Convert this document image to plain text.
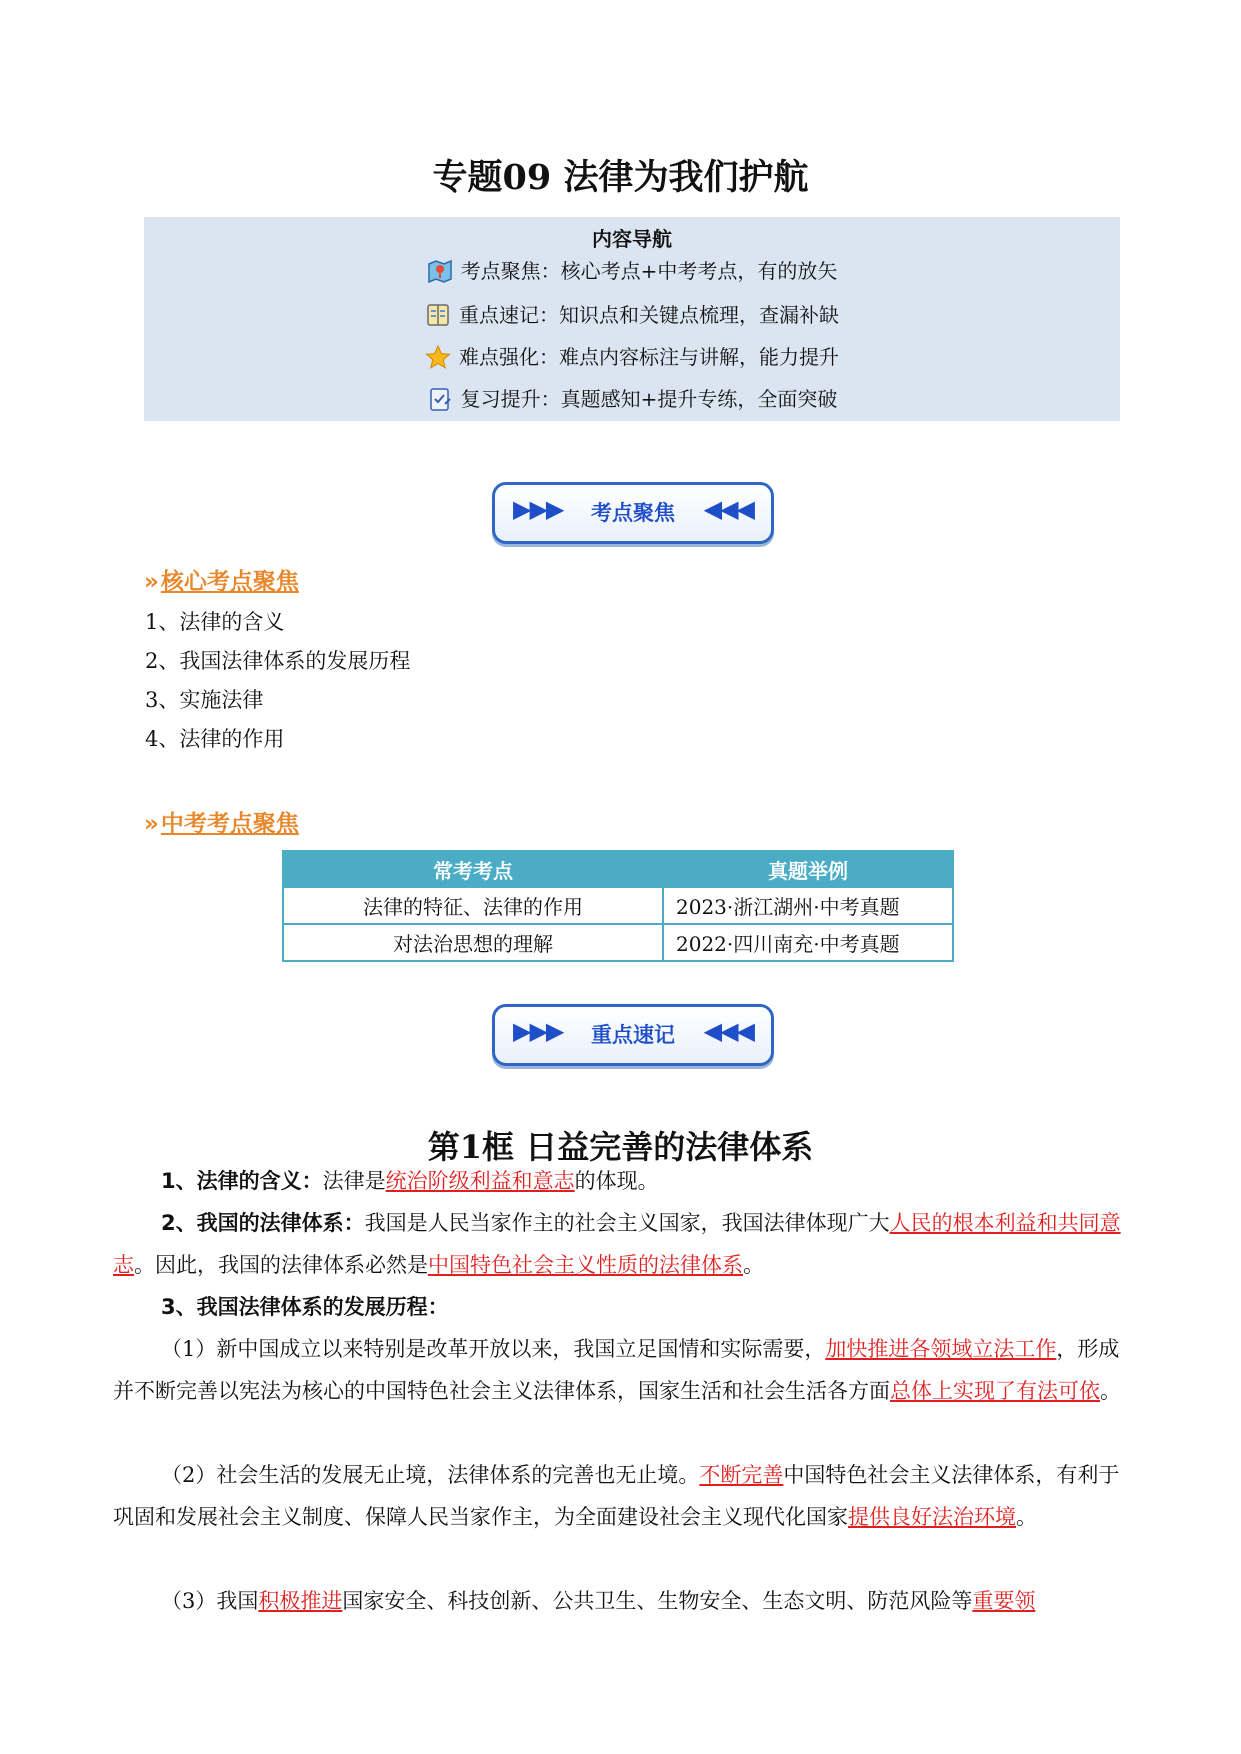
专题09 法律为我们护航
内容导航
考点聚焦：核心考点+中考考点，有的放矢
重点速记：知识点和关键点梳理，查漏补缺
难点强化：难点内容标注与讲解，能力提升
复习提升：真题感知+提升专练，全面突破
▶▶▶	考点聚焦	◀◀◀
»核心考点聚焦
1、法律的含义
2、我国法律体系的发展历程
3、实施法律
4、法律的作用
»中考考点聚焦
常考考点	真题举例
法律的特征、法律的作用	2023·浙江湖州·中考真题
对法治思想的理解	2022·四川南充·中考真题
▶▶▶	重点速记	◀◀◀
第1框 日益完善的法律体系
1、法律的含义：法律是统治阶级利益和意志的体现。
2、我国的法律体系：我国是人民当家作主的社会主义国家，我国法律体现广大人民的根本利益和共同意志。因此，我国的法律体系必然是中国特色社会主义性质的法律体系。
3、我国法律体系的发展历程：
（1）新中国成立以来特别是改革开放以来，我国立足国情和实际需要，加快推进各领域立法工作，形成并不断完善以宪法为核心的中国特色社会主义法律体系，国家生活和社会生活各方面总体上实现了有法可依。
（2）社会生活的发展无止境，法律体系的完善也无止境。不断完善中国特色社会主义法律体系，有利于巩固和发展社会主义制度、保障人民当家作主，为全面建设社会主义现代化国家提供良好法治环境。
（3）我国积极推进国家安全、科技创新、公共卫生、生物安全、生态文明、防范风险等重要领
